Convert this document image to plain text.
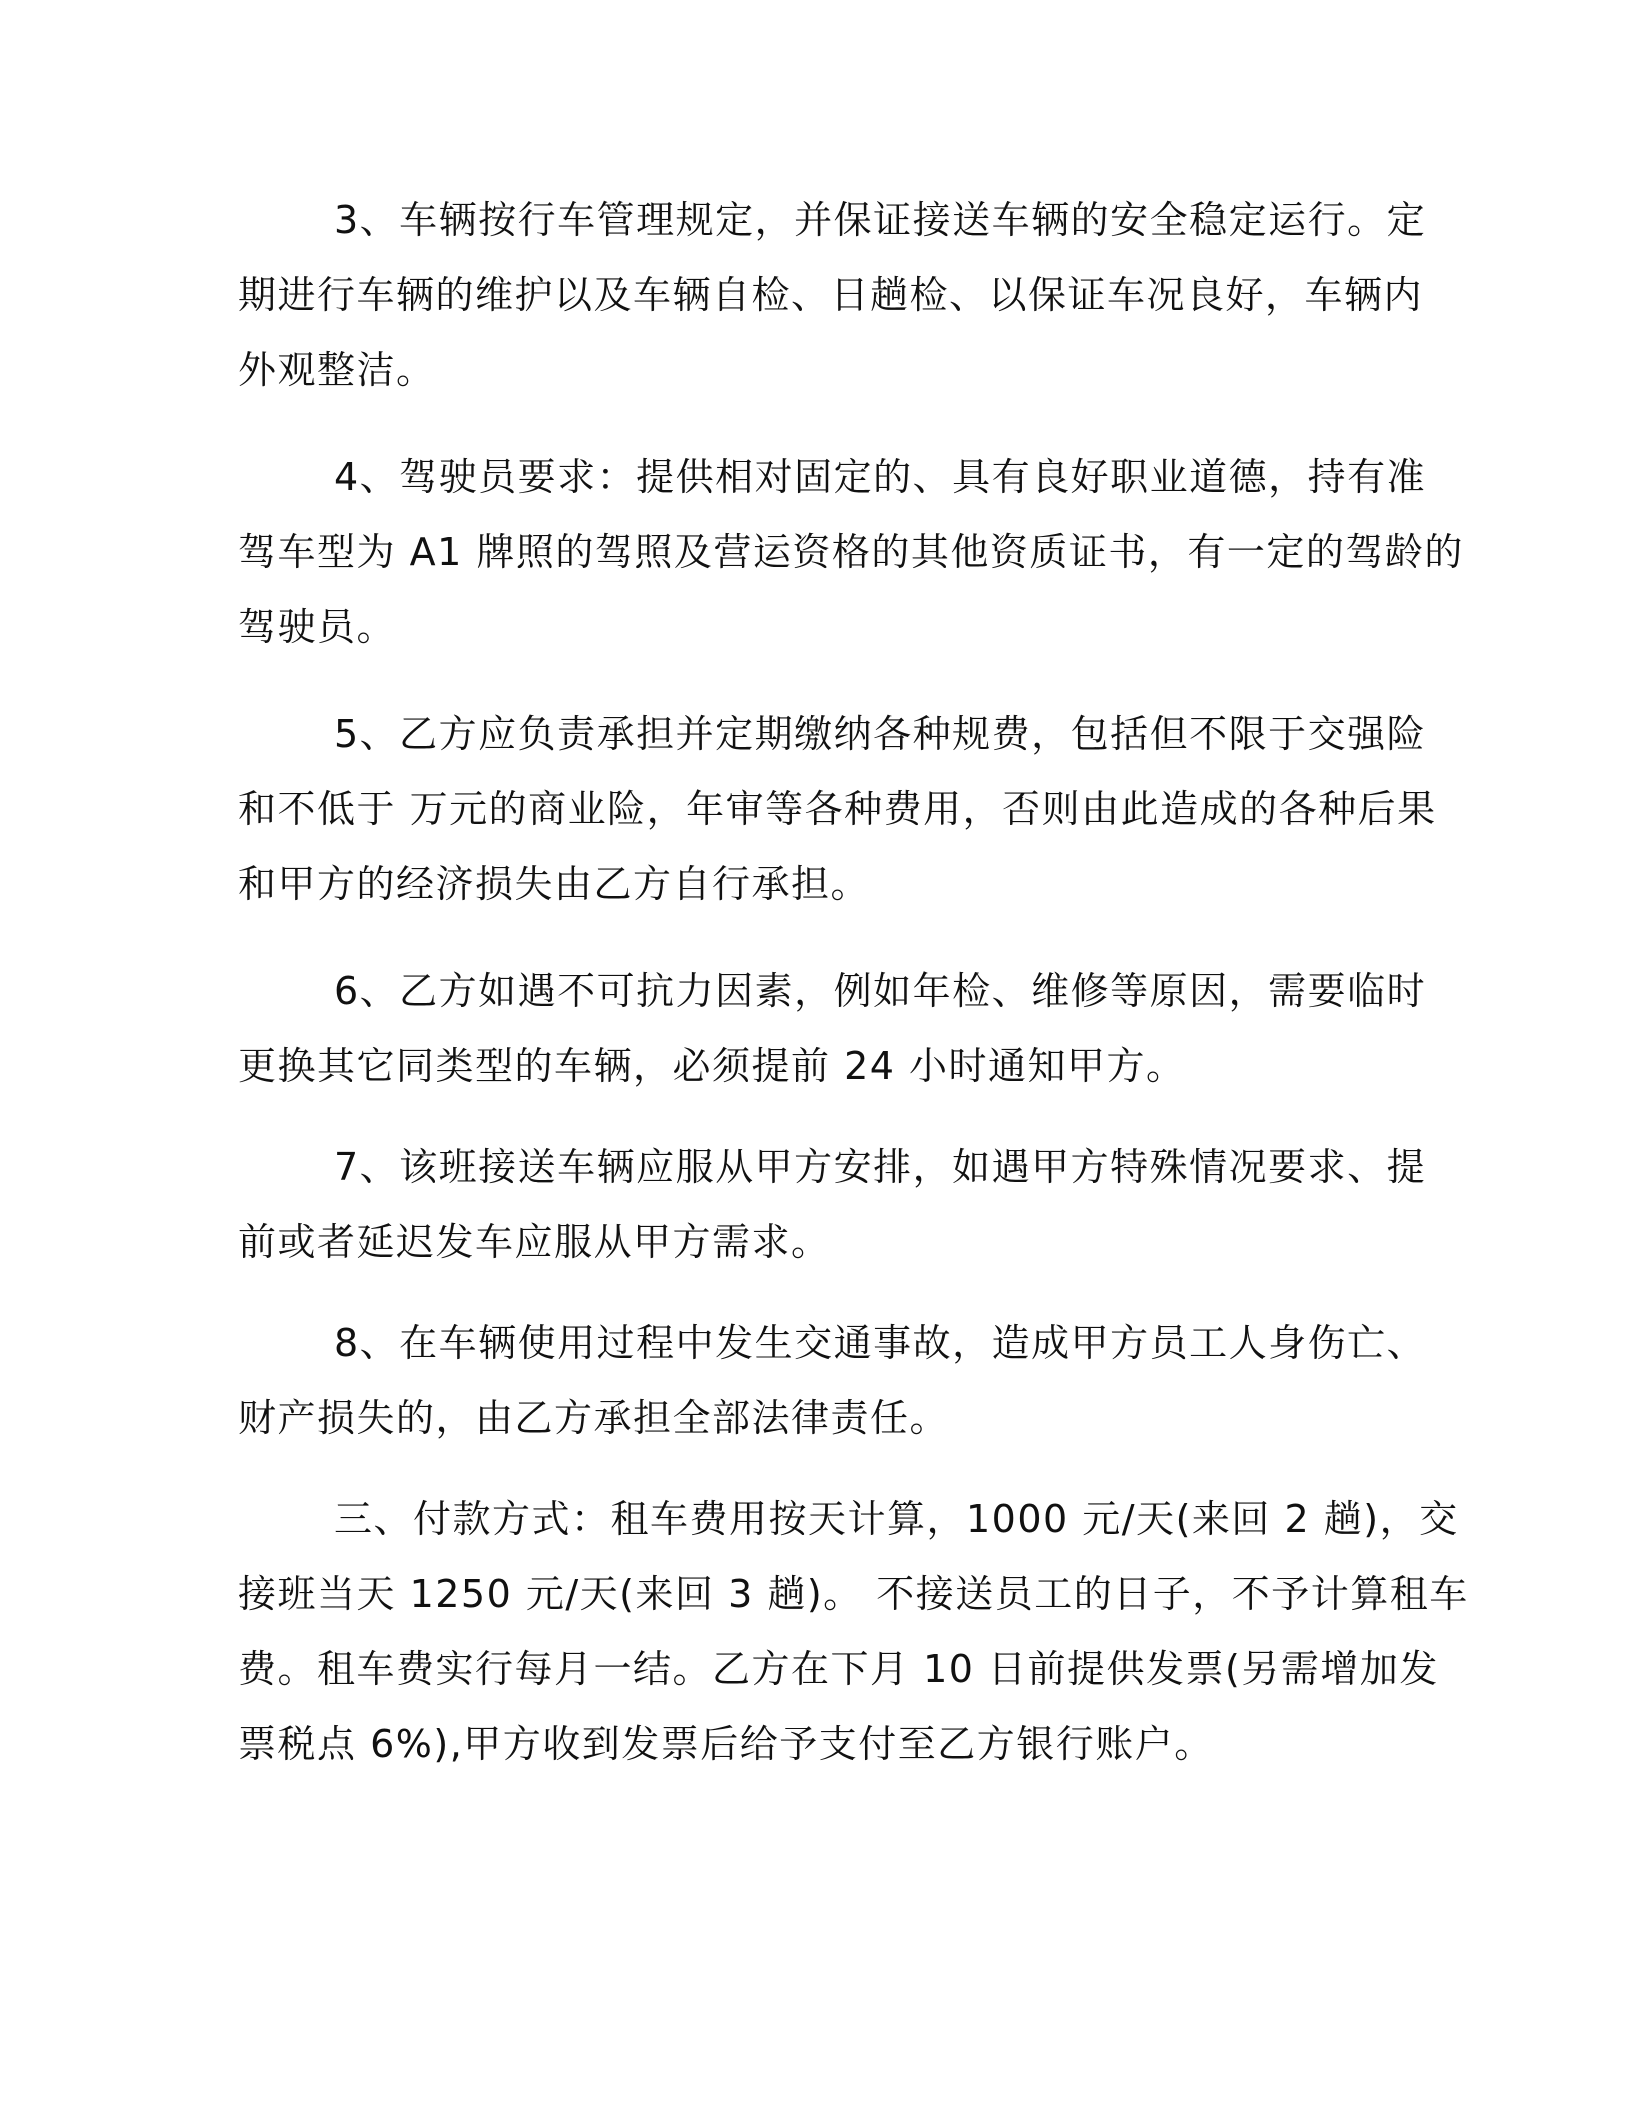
3、车辆按行车管理规定，并保证接送车辆的安全稳定运行。定

期进行车辆的维护以及车辆自检、日趟检、以保证车况良好，车辆内

外观整洁。

4、驾驶员要求：提供相对固定的、具有良好职业道德，持有准

驾车型为 A1 牌照的驾照及营运资格的其他资质证书，有一定的驾龄的

驾驶员。

5、乙方应负责承担并定期缴纳各种规费，包括但不限于交强险

和不低于 万元的商业险，年审等各种费用，否则由此造成的各种后果

和甲方的经济损失由乙方自行承担。

6、乙方如遇不可抗力因素，例如年检、维修等原因，需要临时

更换其它同类型的车辆，必须提前 24 小时通知甲方。

7、该班接送车辆应服从甲方安排，如遇甲方特殊情况要求、提

前或者延迟发车应服从甲方需求。

8、在车辆使用过程中发生交通事故，造成甲方员工人身伤亡、

财产损失的，由乙方承担全部法律责任。

三、付款方式：租车费用按天计算，1000 元/天(来回 2 趟)，交

接班当天 1250 元/天(来回 3 趟)。 不接送员工的日子，不予计算租车

费。租车费实行每月一结。乙方在下月 10 日前提供发票(另需增加发

票税点 6%),甲方收到发票后给予支付至乙方银行账户。
